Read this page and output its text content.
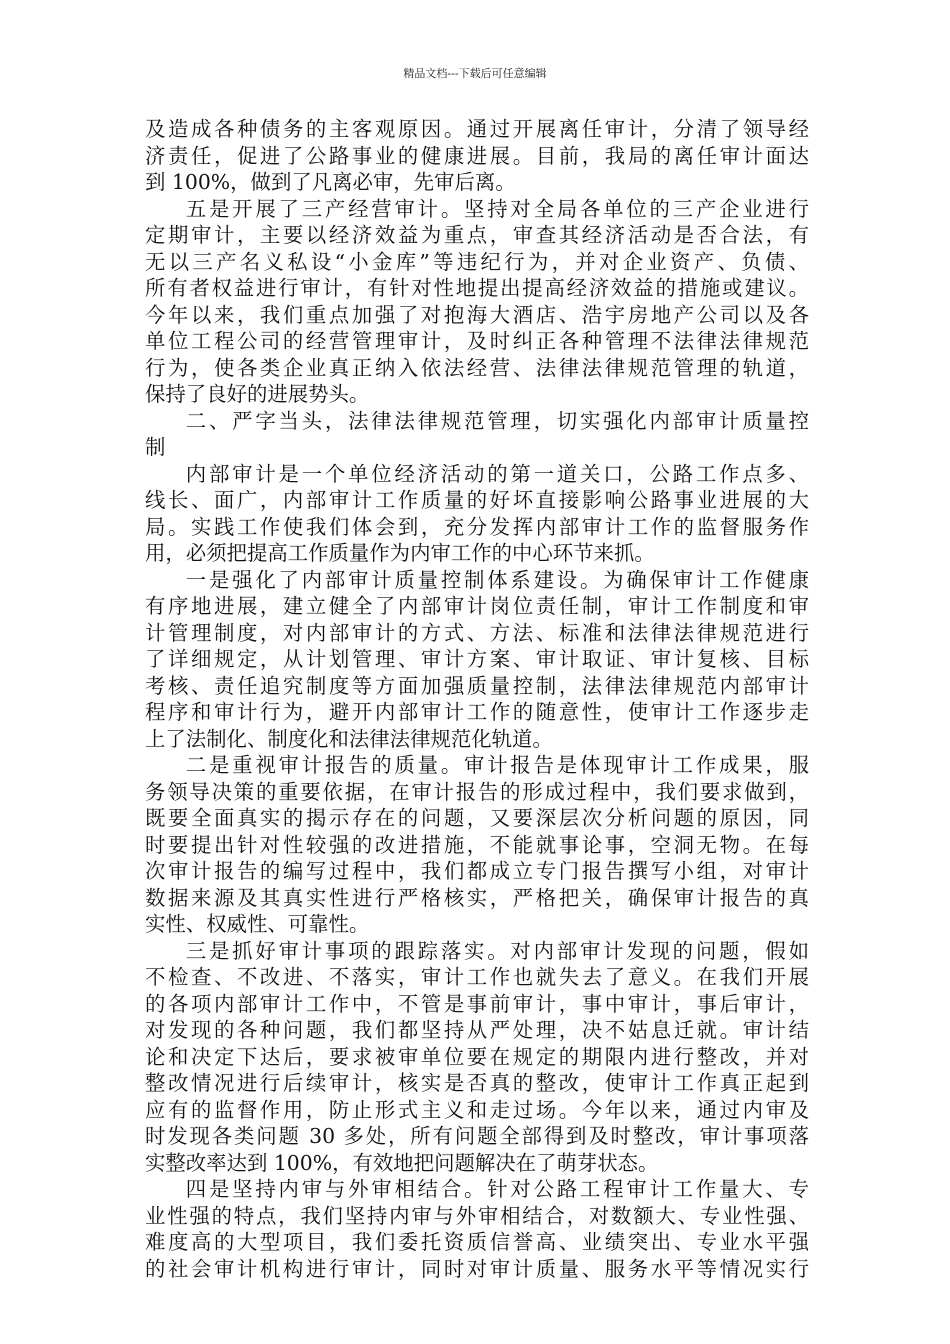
精品文档---下载后可任意编辑
及造成各种债务的主客观原因。通过开展离任审计，分清了领导经
济责任，促进了公路事业的健康进展。目前，我局的离任审计面达
到 100%，做到了凡离必审，先审后离。
五是开展了三产经营审计。坚持对全局各单位的三产企业进行
定期审计，主要以经济效益为重点，审查其经济活动是否合法，有
无以三产名义私设“小金库”等违纪行为，并对企业资产、负债、
所有者权益进行审计，有针对性地提出提高经济效益的措施或建议。
今年以来，我们重点加强了对抱海大酒店、浩宇房地产公司以及各
单位工程公司的经营管理审计，及时纠正各种管理不法律法律规范
行为，使各类企业真正纳入依法经营、法律法律规范管理的轨道，
保持了良好的进展势头。
二、严字当头，法律法律规范管理，切实强化内部审计质量控
制
内部审计是一个单位经济活动的第一道关口，公路工作点多、
线长、面广，内部审计工作质量的好坏直接影响公路事业进展的大
局。实践工作使我们体会到，充分发挥内部审计工作的监督服务作
用，必须把提高工作质量作为内审工作的中心环节来抓。
一是强化了内部审计质量控制体系建设。为确保审计工作健康
有序地进展，建立健全了内部审计岗位责任制，审计工作制度和审
计管理制度，对内部审计的方式、方法、标准和法律法律规范进行
了详细规定，从计划管理、审计方案、审计取证、审计复核、目标
考核、责任追究制度等方面加强质量控制，法律法律规范内部审计
程序和审计行为，避开内部审计工作的随意性，使审计工作逐步走
上了法制化、制度化和法律法律规范化轨道。
二是重视审计报告的质量。审计报告是体现审计工作成果，服
务领导决策的重要依据，在审计报告的形成过程中，我们要求做到，
既要全面真实的揭示存在的问题，又要深层次分析问题的原因，同
时要提出针对性较强的改进措施，不能就事论事，空洞无物。在每
次审计报告的编写过程中，我们都成立专门报告撰写小组，对审计
数据来源及其真实性进行严格核实，严格把关，确保审计报告的真
实性、权威性、可靠性。
三是抓好审计事项的跟踪落实。对内部审计发现的问题，假如
不检查、不改进、不落实，审计工作也就失去了意义。在我们开展
的各项内部审计工作中，不管是事前审计，事中审计，事后审计，
对发现的各种问题，我们都坚持从严处理，决不姑息迁就。审计结
论和决定下达后，要求被审单位要在规定的期限内进行整改，并对
整改情况进行后续审计，核实是否真的整改，使审计工作真正起到
应有的监督作用，防止形式主义和走过场。今年以来，通过内审及
时发现各类问题 30 多处，所有问题全部得到及时整改，审计事项落
实整改率达到 100%，有效地把问题解决在了萌芽状态。
四是坚持内审与外审相结合。针对公路工程审计工作量大、专
业性强的特点，我们坚持内审与外审相结合，对数额大、专业性强、
难度高的大型项目，我们委托资质信誉高、业绩突出、专业水平强
的社会审计机构进行审计，同时对审计质量、服务水平等情况实行
